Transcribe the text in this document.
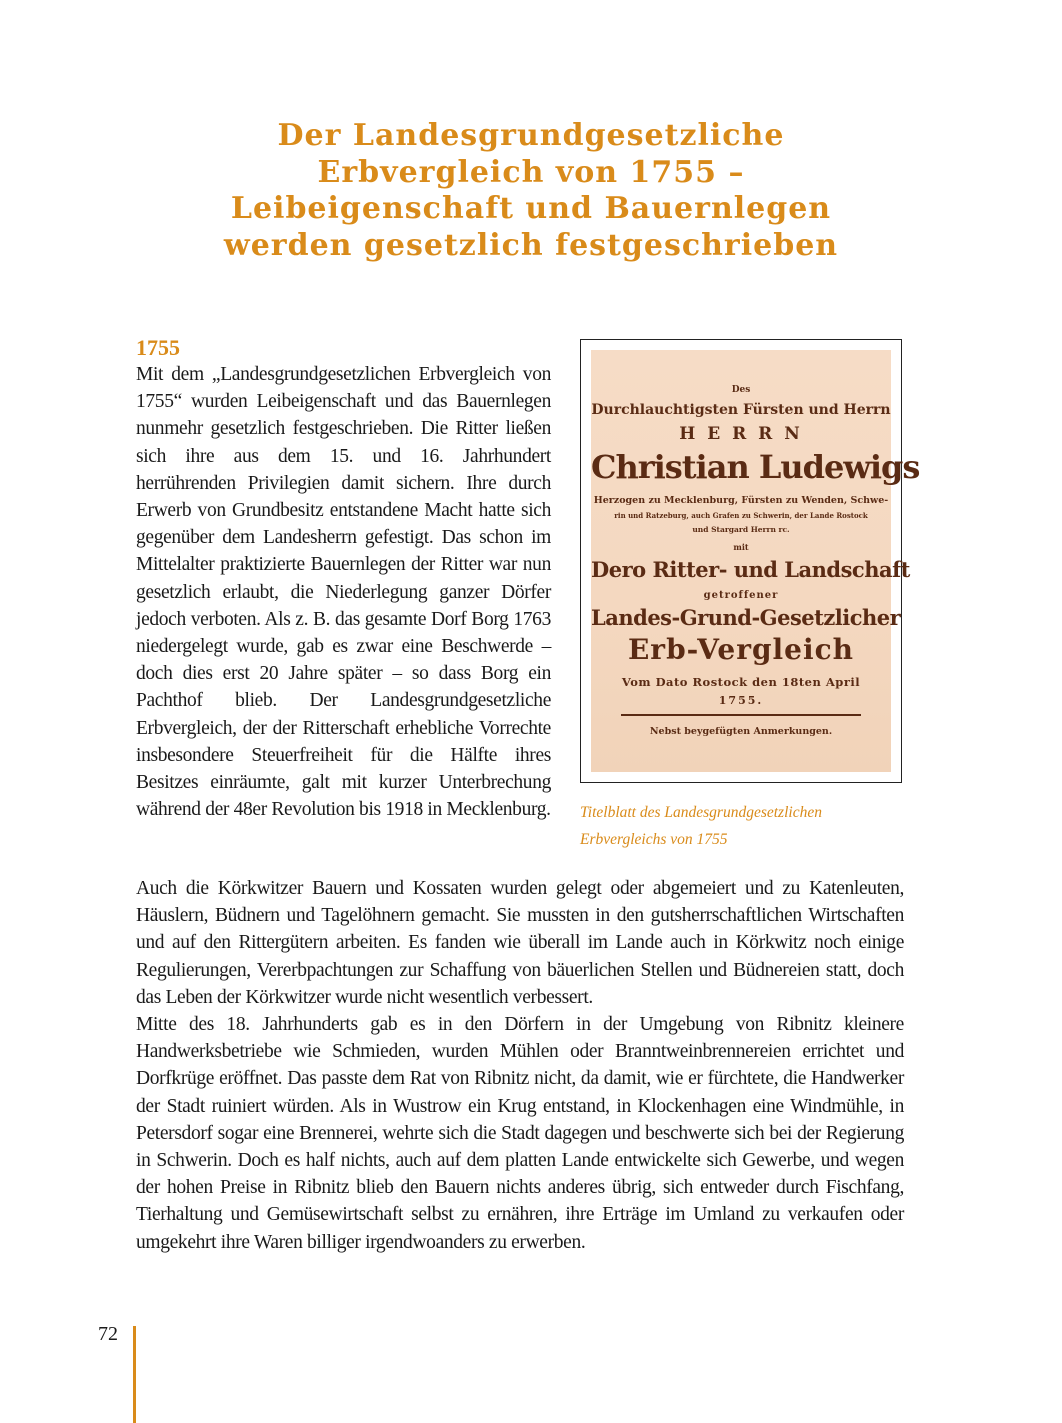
Der Landesgrundgesetzliche
Erbvergleich von 1755 –
Leibeigenschaft und Bauernlegen
werden gesetzlich festgeschrieben
1755

Mit dem „Landesgrundgesetzlichen Erbvergleich von 1755“ wurden Leibeigenschaft und das Bauernlegen nunmehr gesetzlich festgeschrieben. Die Ritter ließen sich ihre aus dem 15. und 16. Jahrhundert herrührenden Privilegien damit sichern. Ihre durch Erwerb von Grundbesitz entstandene Macht hatte sich gegenüber dem Landesherrn gefestigt. Das schon im Mittelalter praktizierte Bauernlegen der Ritter war nun gesetzlich erlaubt, die Niederlegung ganzer Dörfer jedoch verboten. Als z. B. das gesamte Dorf Borg 1763 niedergelegt wurde, gab es zwar eine Beschwerde – doch dies erst 20 Jahre später – so dass Borg ein Pachthof blieb. Der Landesgrundgesetzliche Erbvergleich, der der Ritterschaft erhebliche Vorrechte insbesondere Steuerfreiheit für die Hälfte ihres Besitzes einräumte, galt mit kurzer Unterbrechung während der 48er Revolution bis 1918 in Mecklenburg.

Des
Durchlauchtigsten Fürsten und Herrn
H E R R N
Christian Ludewigs
Herzogen zu Mecklenburg, Fürsten zu Wenden, Schwe-
rin und Ratzeburg, auch Grafen zu Schwerin, der Lande Rostock
und Stargard Herrn rc.
mit
Dero Ritter- und Landschaft
getroffener
Landes-Grund-Gesetzlicher
Erb-Vergleich
Vom Dato Rostock den 18ten April
1755.
Nebst beygefügten Anmerkungen.

Titelblatt des Landesgrundgesetzlichen
Erbvergleichs von 1755

Auch die Körkwitzer Bauern und Kossaten wurden gelegt oder abgemeiert und zu Katenleuten, Häuslern, Büdnern und Tagelöhnern gemacht. Sie mussten in den gutsherrschaftlichen Wirtschaften und auf den Rittergütern arbeiten. Es fanden wie überall im Lande auch in Körkwitz noch einige Regulierungen, Vererbpachtungen zur Schaffung von bäuerlichen Stellen und Büdnereien statt, doch das Leben der Körkwitzer wurde nicht wesentlich verbessert.

Mitte des 18. Jahrhunderts gab es in den Dörfern in der Umgebung von Ribnitz kleinere Handwerksbetriebe wie Schmieden, wurden Mühlen oder Branntweinbrennereien errichtet und Dorfkrüge eröffnet. Das passte dem Rat von Ribnitz nicht, da damit, wie er fürchtete, die Handwerker der Stadt ruiniert würden. Als in Wustrow ein Krug entstand, in Klockenhagen eine Windmühle, in Petersdorf sogar eine Brennerei, wehrte sich die Stadt dagegen und beschwerte sich bei der Regierung in Schwerin. Doch es half nichts, auch auf dem platten Lande entwickelte sich Gewerbe, und wegen der hohen Preise in Ribnitz blieb den Bauern nichts anderes übrig, sich entweder durch Fischfang, Tierhaltung und Gemüsewirtschaft selbst zu ernähren, ihre Erträge im Umland zu verkaufen oder umgekehrt ihre Waren billiger irgendwoanders zu erwerben.

72
